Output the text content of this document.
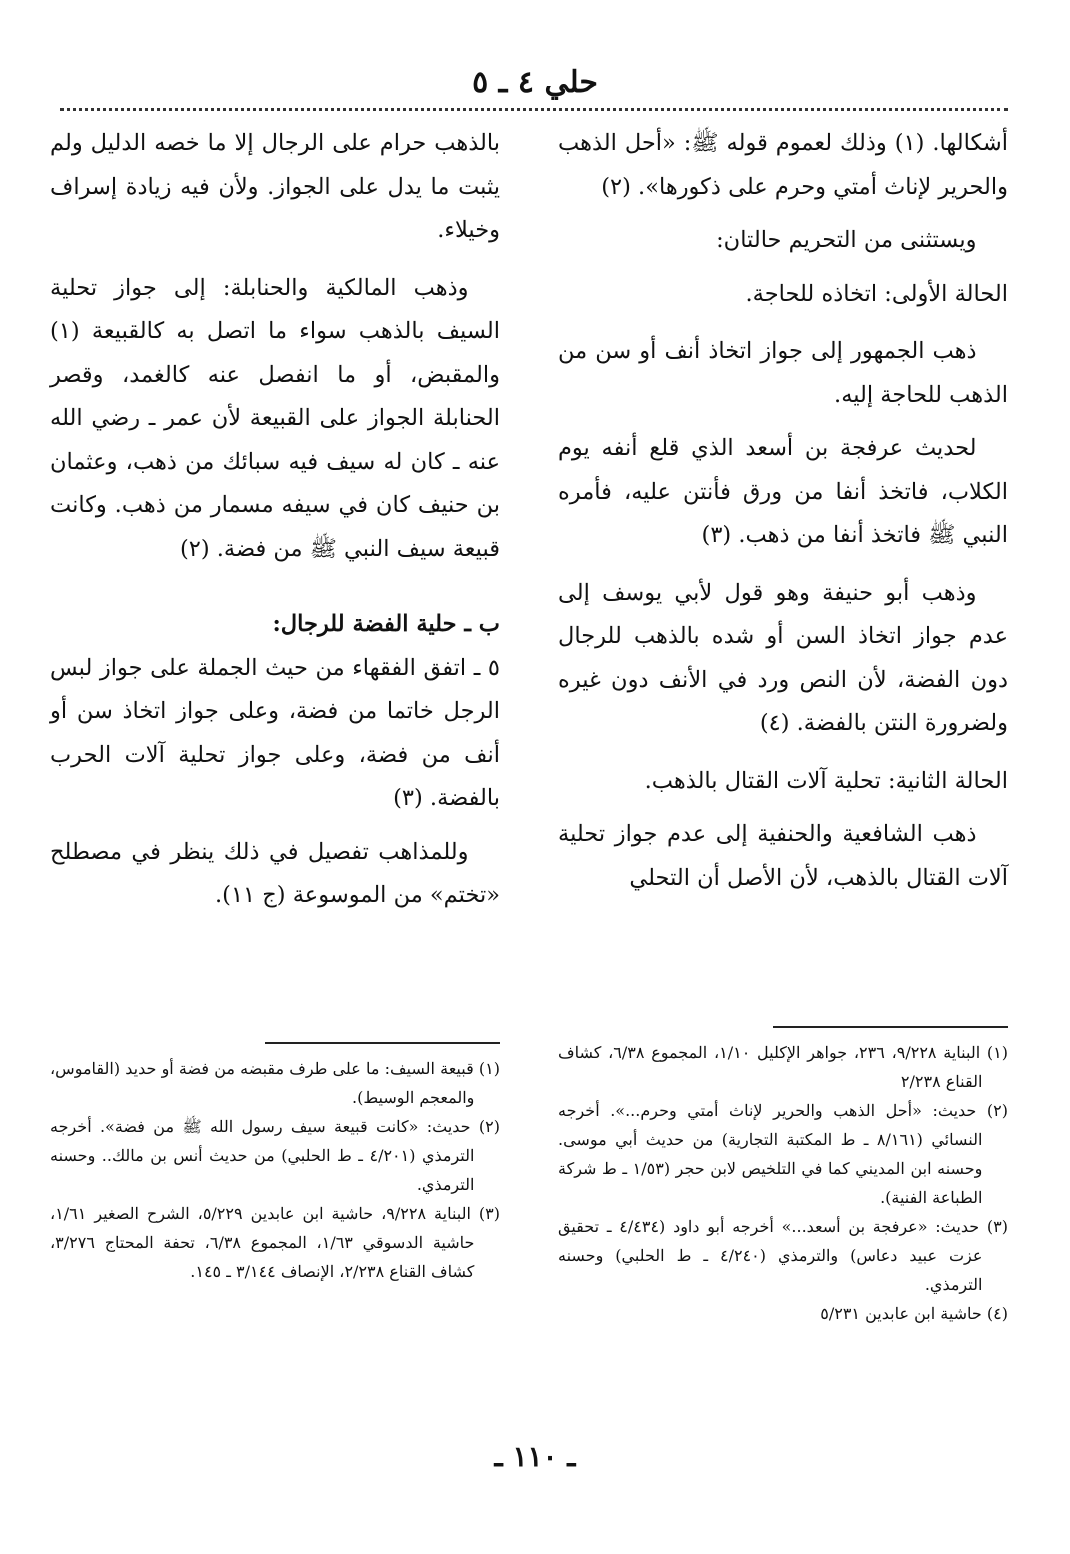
حلي ٤ ـ ٥

أشكالها. (١) وذلك لعموم قوله ﷺ: «أحل الذهب والحرير لإناث أمتي وحرم على ذكورها». (٢)

ويستثنى من التحريم حالتان:

الحالة الأولى: اتخاذه للحاجة.

ذهب الجمهور إلى جواز اتخاذ أنف أو سن من الذهب للحاجة إليه.

لحديث عرفجة بن أسعد الذي قلع أنفه يوم الكلاب، فاتخذ أنفا من ورق فأنتن عليه، فأمره النبي ﷺ فاتخذ أنفا من ذهب. (٣)

وذهب أبو حنيفة وهو قول لأبي يوسف إلى عدم جواز اتخاذ السن أو شده بالذهب للرجال دون الفضة، لأن النص ورد في الأنف دون غيره ولضرورة النتن بالفضة. (٤)

الحالة الثانية: تحلية آلات القتال بالذهب.

ذهب الشافعية والحنفية إلى عدم جواز تحلية آلات القتال بالذهب، لأن الأصل أن التحلي

بالذهب حرام على الرجال إلا ما خصه الدليل ولم يثبت ما يدل على الجواز. ولأن فيه زيادة إسراف وخيلاء.

وذهب المالكية والحنابلة: إلى جواز تحلية السيف بالذهب سواء ما اتصل به كالقبيعة (١) والمقبض، أو ما انفصل عنه كالغمد، وقصر الحنابلة الجواز على القبيعة لأن عمر ـ رضي الله عنه ـ كان له سيف فيه سبائك من ذهب، وعثمان بن حنيف كان في سيفه مسمار من ذهب. وكانت قبيعة سيف النبي ﷺ من فضة. (٢)

ب ـ حلية الفضة للرجال:

٥ ـ اتفق الفقهاء من حيث الجملة على جواز لبس الرجل خاتما من فضة، وعلى جواز اتخاذ سن أو أنف من فضة، وعلى جواز تحلية آلات الحرب بالفضة. (٣)

وللمذاهب تفصيل في ذلك ينظر في مصطلح «تختم» من الموسوعة (ج ١١).

(١) البناية ٩/٢٢٨، ٢٣٦، جواهر الإكليل ١/١٠، المجموع ٦/٣٨، كشاف القناع ٢/٢٣٨

(٢) حديث: «أحل الذهب والحرير لإناث أمتي وحرم...». أخرجه النسائي (٨/١٦١ ـ ط المكتبة التجارية) من حديث أبي موسى. وحسنه ابن المديني كما في التلخيص لابن حجر (١/٥٣ ـ ط شركة الطباعة الفنية).

(٣) حديث: «عرفجة بن أسعد...» أخرجه أبو داود (٤/٤٣٤ ـ تحقيق عزت عبيد دعاس) والترمذي (٤/٢٤٠ ـ ط الحلبي) وحسنه الترمذي.

(٤) حاشية ابن عابدين ٥/٢٣١

(١) قبيعة السيف: ما على طرف مقبضه من فضة أو حديد (القاموس، والمعجم الوسيط).

(٢) حديث: «كانت قبيعة سيف رسول الله ﷺ من فضة». أخرجه الترمذي (٤/٢٠١ ـ ط الحلبي) من حديث أنس بن مالك.. وحسنه الترمذي.

(٣) البناية ٩/٢٢٨، حاشية ابن عابدين ٥/٢٢٩، الشرح الصغير ١/٦١، حاشية الدسوقي ١/٦٣، المجموع ٦/٣٨، تحفة المحتاج ٣/٢٧٦، كشاف القناع ٢/٢٣٨، الإنصاف ٣/١٤٤ ـ ١٤٥.

ـ ١١٠ ـ
